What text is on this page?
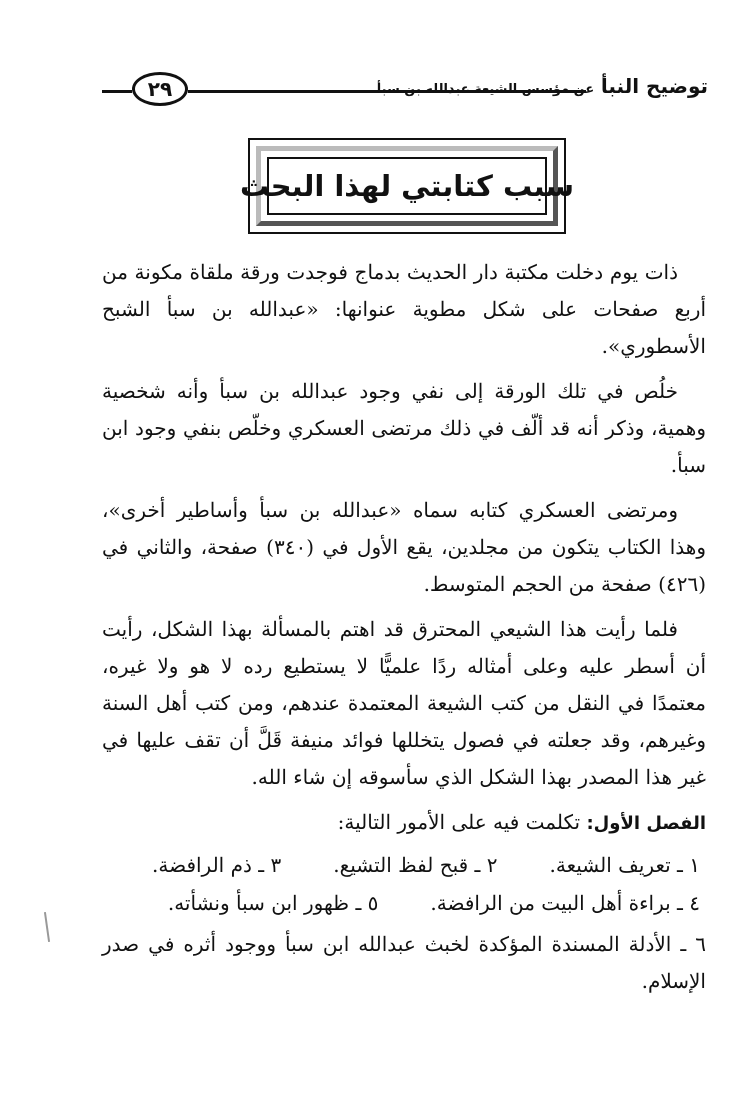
٢٩	توضيح النبأ عن مؤسس الشيعة عبدالله بن سبأ
سبب كتابتي لهذا البحث

ذات يوم دخلت مكتبة دار الحديث بدماج فوجدت ورقة ملقاة مكونة من أربع صفحات على شكل مطوية عنوانها: «عبدالله بن سبأ الشبح الأسطوري».

خلُص في تلك الورقة إلى نفي وجود عبدالله بن سبأ وأنه شخصية وهمية، وذكر أنه قد ألّف في ذلك مرتضى العسكري وخلّص بنفي وجود ابن سبأ.

ومرتضى العسكري كتابه سماه «عبدالله بن سبأ وأساطير أخرى»، وهذا الكتاب يتكون من مجلدين، يقع الأول في (٣٤٠) صفحة، والثاني في (٤٢٦) صفحة من الحجم المتوسط.

فلما رأيت هذا الشيعي المحترق قد اهتم بالمسألة بهذا الشكل، رأيت أن أسطر عليه وعلى أمثاله ردًا علميًّا لا يستطيع رده لا هو ولا غيره، معتمدًا في النقل من كتب الشيعة المعتمدة عندهم، ومن كتب أهل السنة وغيرهم، وقد جعلته في فصول يتخللها فوائد منيفة قَلَّ أن تقف عليها في غير هذا المصدر بهذا الشكل الذي سأسوقه إن شاء الله.

الفصل الأول: تكلمت فيه على الأمور التالية:

١ ـ تعريف الشيعة.
٢ ـ قبح لفظ التشيع.
٣ ـ ذم الرافضة.
٤ ـ براءة أهل البيت من الرافضة.
٥ ـ ظهور ابن سبأ ونشأته.

٦ ـ الأدلة المسندة المؤكدة لخبث عبدالله ابن سبأ ووجود أثره في صدر الإسلام.
